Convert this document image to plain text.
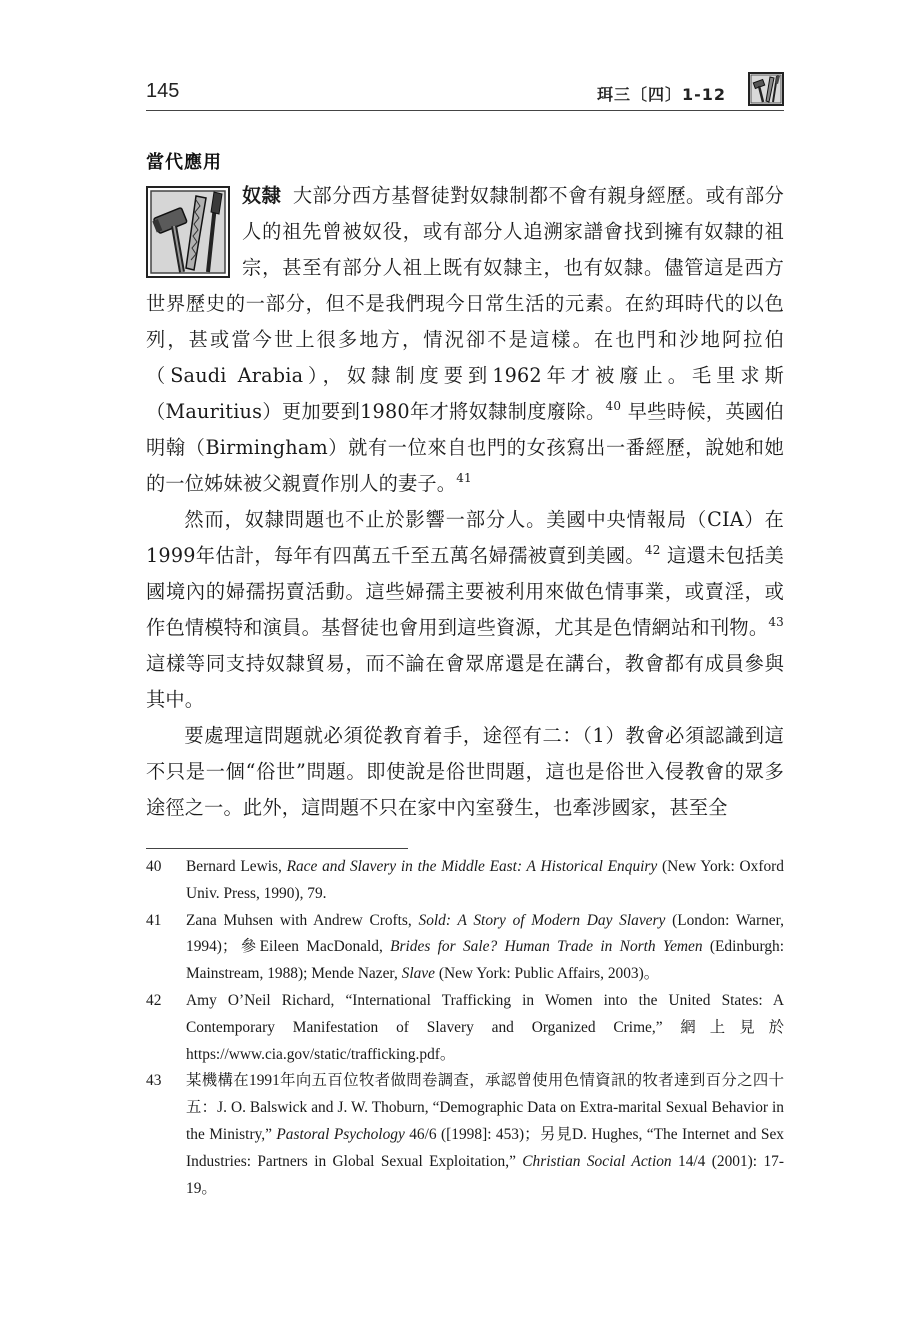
145	珥三〔四〕1-12
當代應用

奴隸 大部分西方基督徒對奴隸制都不會有親身經歷。或有部分人的祖先曾被奴役，或有部分人追溯家譜會找到擁有奴隸的祖宗，甚至有部分人祖上既有奴隸主，也有奴隸。儘管這是西方世界歷史的一部分，但不是我們現今日常生活的元素。在約珥時代的以色列，甚或當今世上很多地方，情況卻不是這樣。在也門和沙地阿拉伯（Saudi Arabia），奴隸制度要到1962年才被廢止。毛里求斯（Mauritius）更加要到1980年才將奴隸制度廢除。$^{40}$ 早些時候，英國伯明翰（Birmingham）就有一位來自也門的女孩寫出一番經歷，說她和她的一位姊妹被父親賣作別人的妻子。$^{41}$

然而，奴隸問題也不止於影響一部分人。美國中央情報局（CIA）在1999年估計，每年有四萬五千至五萬名婦孺被賣到美國。$^{42}$ 這還未包括美國境內的婦孺拐賣活動。這些婦孺主要被利用來做色情事業，或賣淫，或作色情模特和演員。基督徒也會用到這些資源，尤其是色情網站和刊物。$^{43}$ 這樣等同支持奴隸貿易，而不論在會眾席還是在講台，教會都有成員參與其中。

要處理這問題就必須從教育着手，途徑有二：（1）教會必須認識到這不只是一個“俗世”問題。即使說是俗世問題，這也是俗世入侵教會的眾多途徑之一。此外，這問題不只在家中內室發生，也牽涉國家，甚至全

40	Bernard Lewis, Race and Slavery in the Middle East: A Historical Enquiry (New York: Oxford Univ. Press, 1990), 79.
41	Zana Muhsen with Andrew Crofts, Sold: A Story of Modern Day Slavery (London: Warner, 1994)；參Eileen MacDonald, Brides for Sale? Human Trade in North Yemen (Edinburgh: Mainstream, 1988); Mende Nazer, Slave (New York: Public Affairs, 2003)。
42	Amy O’Neil Richard, “International Trafficking in Women into the United States: A Contemporary Manifestation of Slavery and Organized Crime,” 網上見於 https://www.cia.gov/static/trafficking.pdf。
43	某機構在1991年向五百位牧者做問卷調查，承認曾使用色情資訊的牧者達到百分之四十五：J. O. Balswick and J. W. Thoburn, “Demographic Data on Extra-marital Sexual Behavior in the Ministry,” Pastoral Psychology 46/6 ([1998]: 453)；另見D. Hughes, “The Internet and Sex Industries: Partners in Global Sexual Exploitation,” Christian Social Action 14/4 (2001): 17-19。
